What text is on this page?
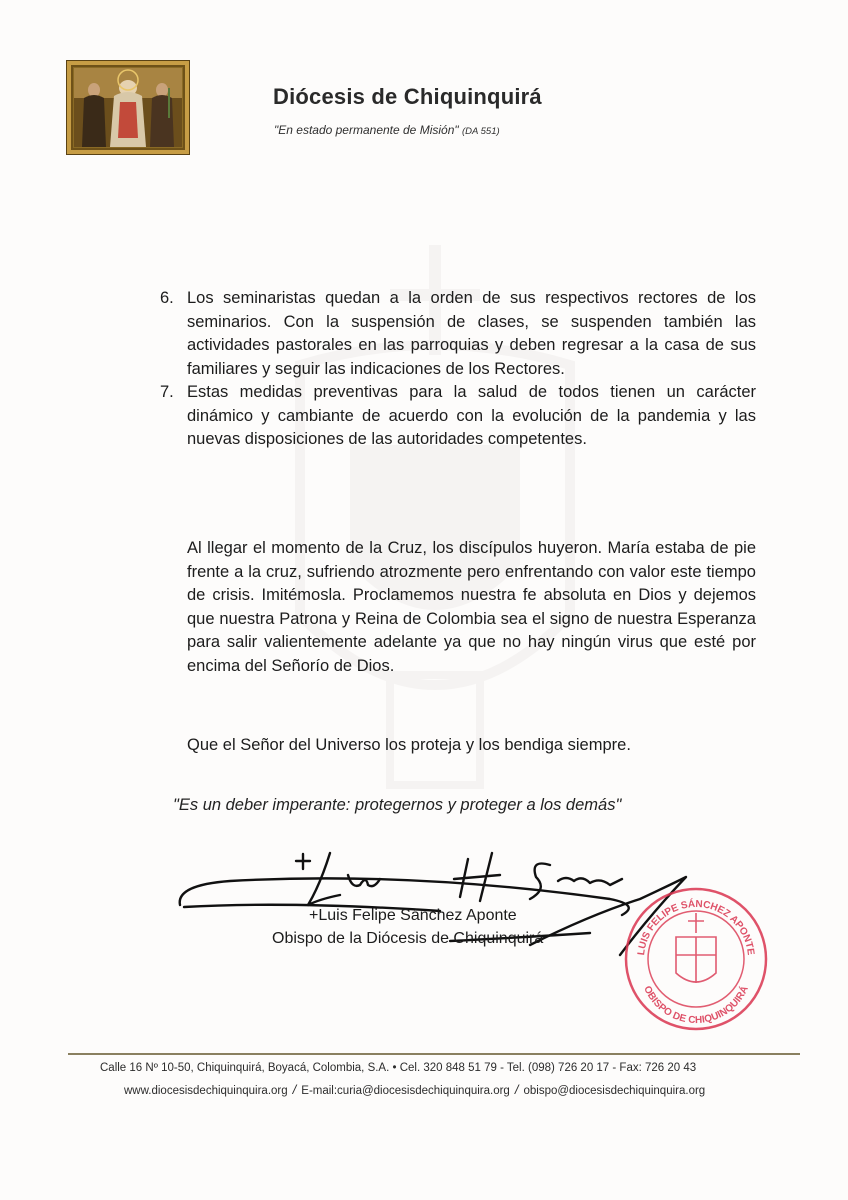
Diócesis de Chiquinquirá
"En estado permanente de Misión" (DA 551)
6. Los seminaristas quedan a la orden de sus respectivos rectores de los seminarios. Con la suspensión de clases, se suspenden también las actividades pastorales en las parroquias y deben regresar a la casa de sus familiares y seguir las indicaciones de los Rectores.
7. Estas medidas preventivas para la salud de todos tienen un carácter dinámico y cambiante de acuerdo con la evolución de la pandemia y las nuevas disposiciones de las autoridades competentes.

Al llegar el momento de la Cruz, los discípulos huyeron. María estaba de pie frente a la cruz, sufriendo atrozmente pero enfrentando con valor este tiempo de crisis. Imitémosla. Proclamemos nuestra fe absoluta en Dios y dejemos que nuestra Patrona y Reina de Colombia sea el signo de nuestra Esperanza para salir valientemente adelante ya que no hay ningún virus que esté por encima del Señorío de Dios.

Que el Señor del Universo los proteja y los bendiga siempre.

"Es un deber imperante: protegernos y proteger a los demás"

+Luis Felipe Sánchez Aponte
Obispo de la Diócesis de Chiquinquirá
LUIS FELIPE SÁNCHEZ APONTE
OBISPO DE CHIQUINQUIRÁ
Calle 16 Nº 10-50, Chiquinquirá, Boyacá, Colombia, S.A. • Cel. 320 848 51 79 - Tel. (098) 726 20 17 - Fax: 726 20 43
www.diocesisdechiquinquira.org / E-mail:curia@diocesisdechiquinquira.org / obispo@diocesisdechiquinquira.org
